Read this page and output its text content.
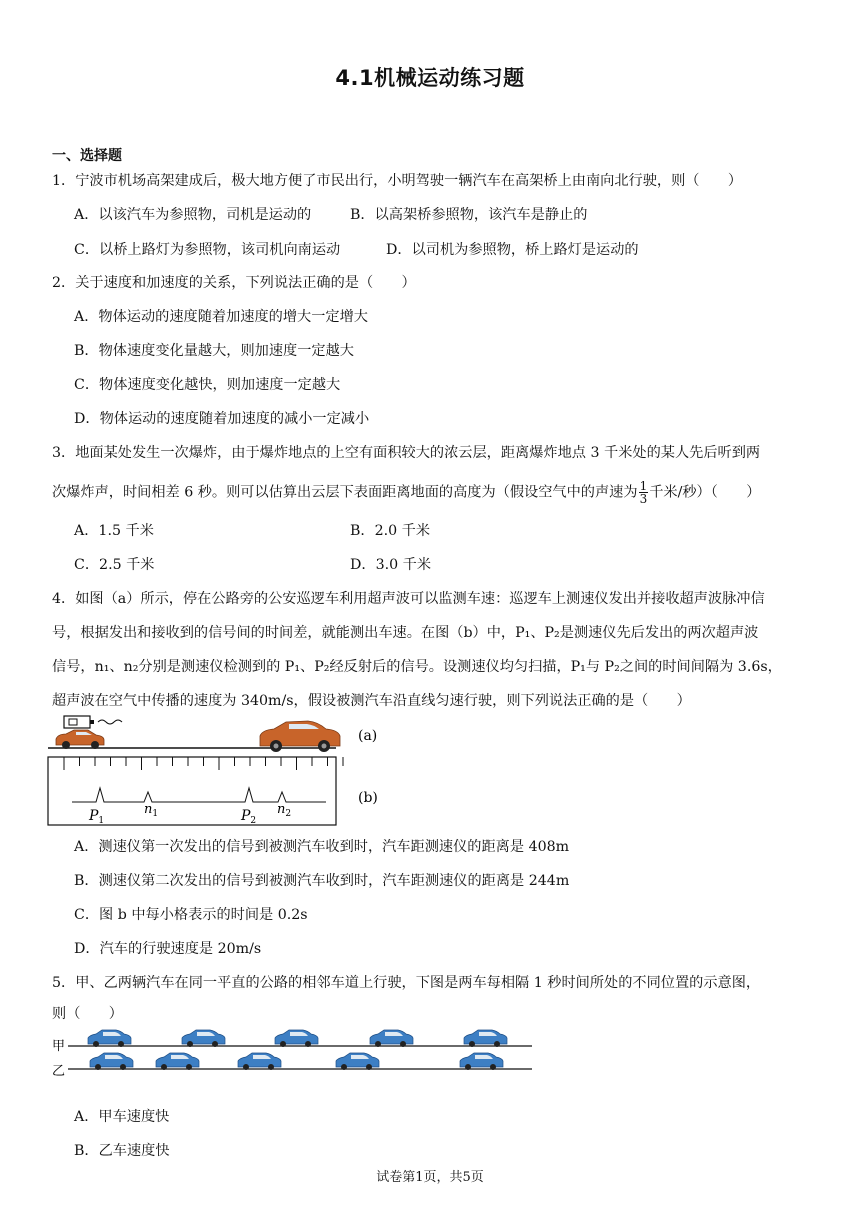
4.1机械运动练习题
一、选择题
1．宁波市机场高架建成后，极大地方便了市民出行，小明驾驶一辆汽车在高架桥上由南向北行驶，则（　　）
A．以该汽车为参照物，司机是运动的	B．以高架桥参照物，该汽车是静止的
C．以桥上路灯为参照物，该司机向南运动	D．以司机为参照物，桥上路灯是运动的
2．关于速度和加速度的关系，下列说法正确的是（　　）
A．物体运动的速度随着加速度的增大一定增大
B．物体速度变化量越大，则加速度一定越大
C．物体速度变化越快，则加速度一定越大
D．物体运动的速度随着加速度的减小一定减小
3．地面某处发生一次爆炸，由于爆炸地点的上空有面积较大的浓云层，距离爆炸地点 3 千米处的某人先后听到两
次爆炸声，时间相差 6 秒。则可以估算出云层下表面距离地面的高度为（假设空气中的声速为 $\frac{1}{3}$ 千米/秒）（　　）
A．1.5 千米	B．2.0 千米
C．2.5 千米	D．3.0 千米
4．如图（a）所示，停在公路旁的公安巡逻车利用超声波可以监测车速：巡逻车上测速仪发出并接收超声波脉冲信
号，根据发出和接收到的信号间的时间差，就能测出车速。在图（b）中，P₁、P₂是测速仪先后发出的两次超声波
信号，n₁、n₂分别是测速仪检测到的 P₁、P₂经反射后的信号。设测速仪均匀扫描，P₁与 P₂之间的时间间隔为 3.6s，
超声波在空气中传播的速度为 340m/s，假设被测汽车沿直线匀速行驶，则下列说法正确的是（　　）
(a)
$P_1$
$n_1$	$P_2$
$n_2$
(b)
A．测速仪第一次发出的信号到被测汽车收到时，汽车距测速仪的距离是 408m
B．测速仪第二次发出的信号到被测汽车收到时，汽车距测速仪的距离是 244m
C．图 b 中每小格表示的时间是 0.2s
D．汽车的行驶速度是 20m/s
5．甲、乙两辆汽车在同一平直的公路的相邻车道上行驶，下图是两车每相隔 1 秒时间所处的不同位置的示意图，
则（　　）
甲
乙
A．甲车速度快
B．乙车速度快
试卷第1页，共5页
